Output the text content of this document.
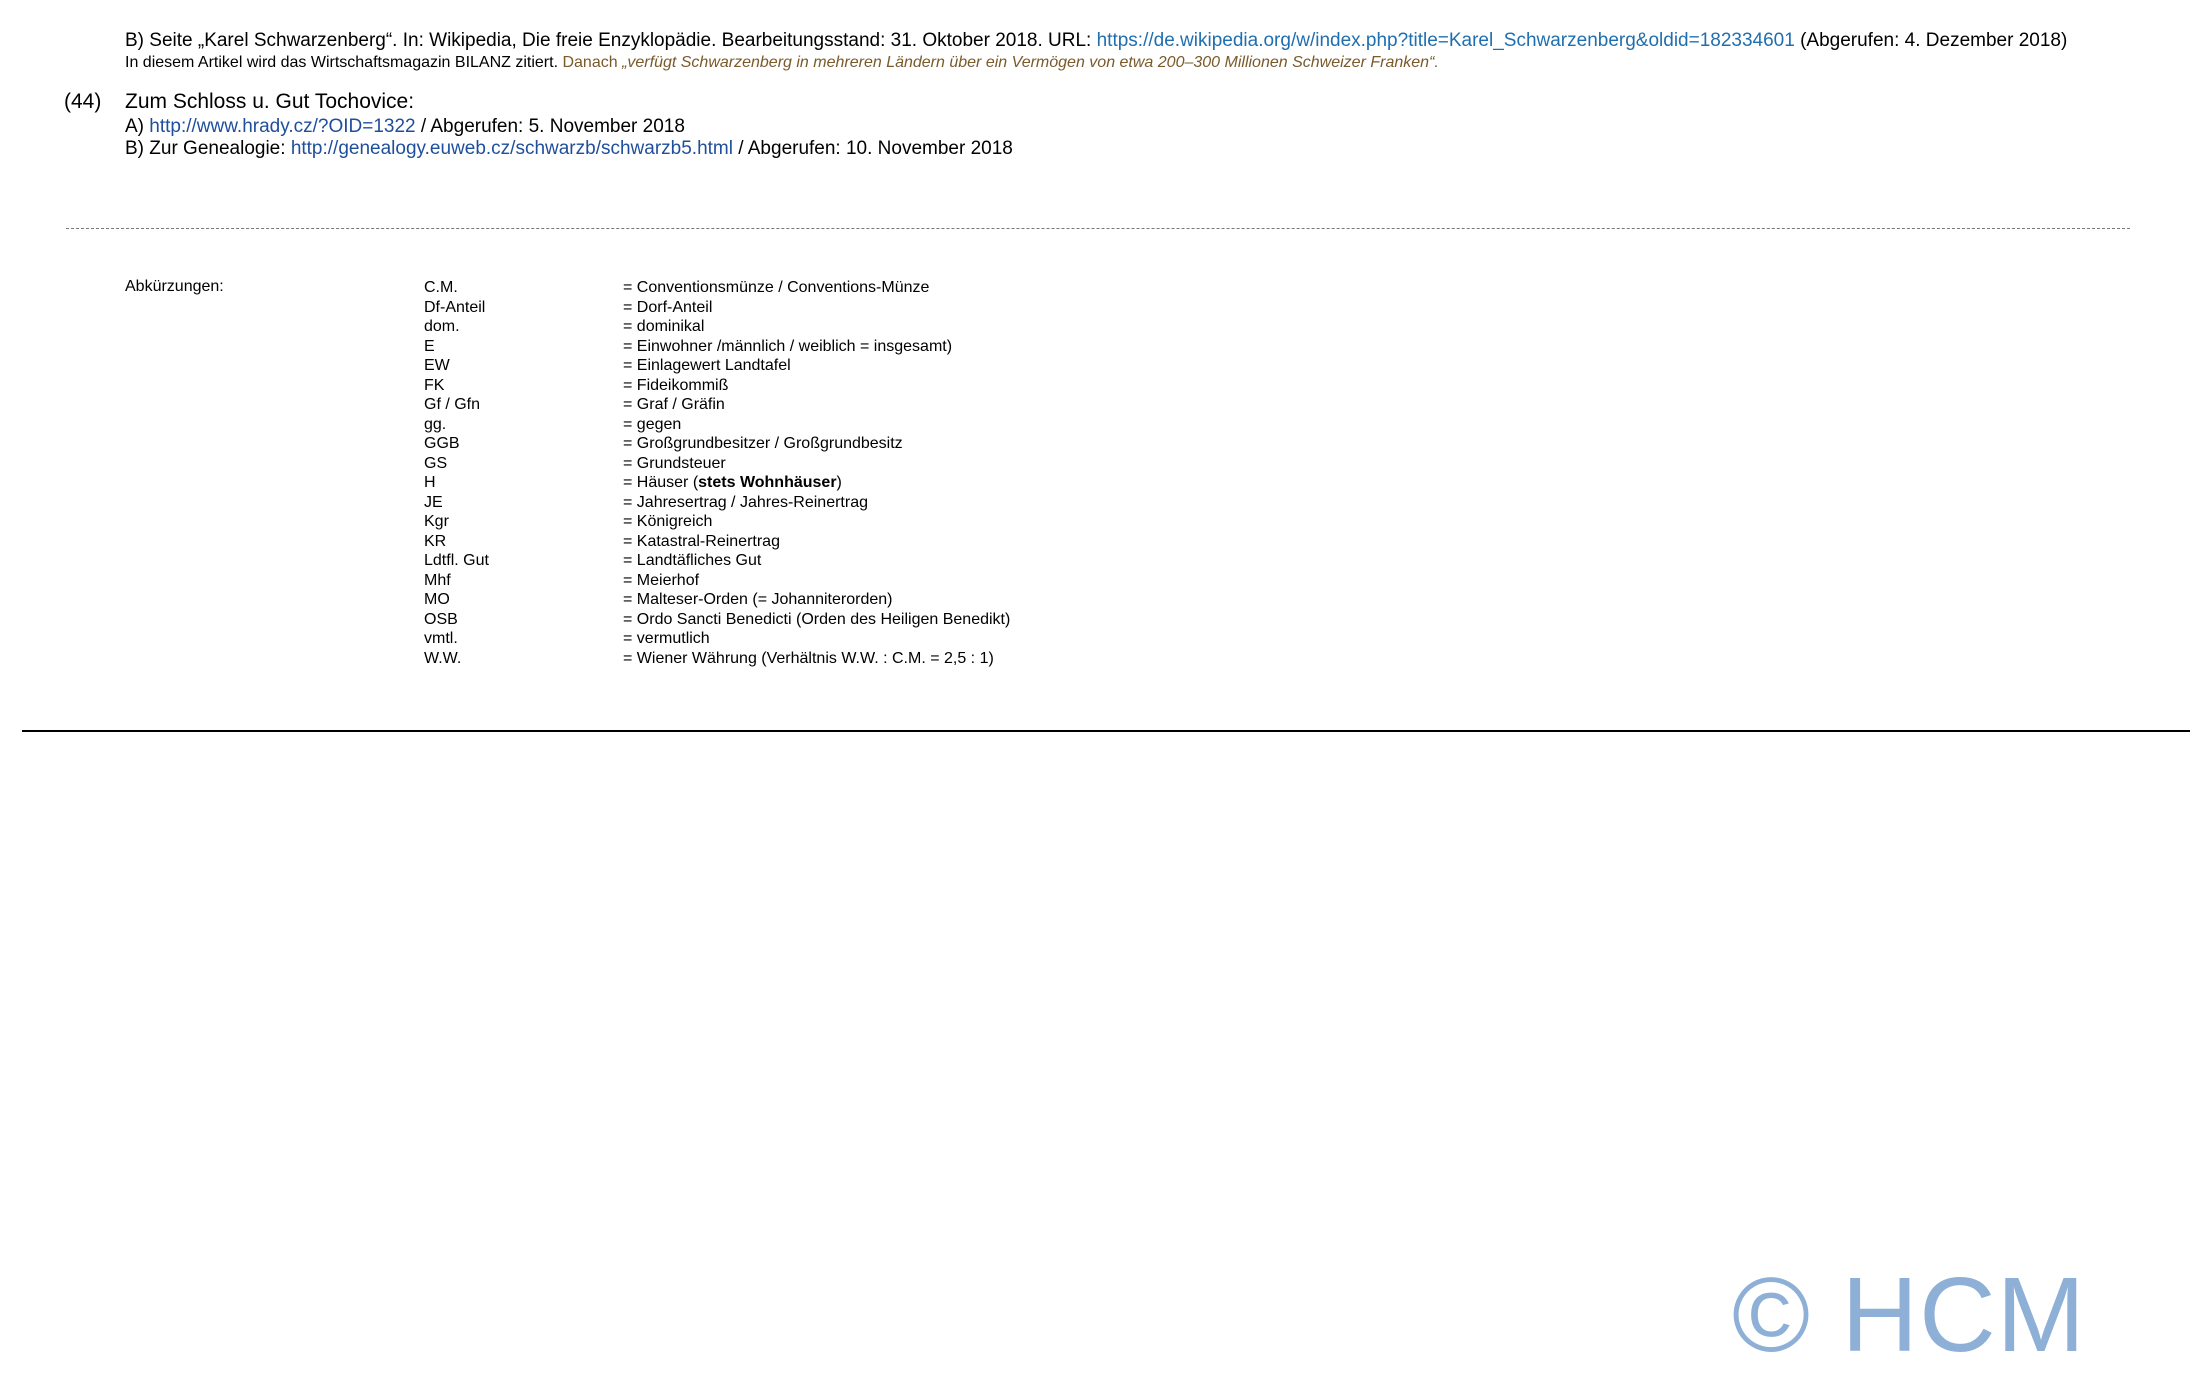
B) Seite „Karel Schwarzenberg“. In: Wikipedia, Die freie Enzyklopädie. Bearbeitungsstand: 31. Oktober 2018. URL: https://de.wikipedia.org/w/index.php?title=Karel_Schwarzenberg&oldid=182334601 (Abgerufen: 4. Dezember 2018)
In diesem Artikel wird das Wirtschaftsmagazin BILANZ zitiert. Danach „verfügt Schwarzenberg in mehreren Ländern über ein Vermögen von etwa 200–300 Millionen Schweizer Franken“.
(44) Zum Schloss u. Gut Tochovice:
A) http://www.hrady.cz/?OID=1322 / Abgerufen: 5. November 2018
B) Zur Genealogie: http://genealogy.euweb.cz/schwarzb/schwarzb5.html / Abgerufen: 10. November 2018
Abkürzungen:	C.M.	= Conventionsmünze / Conventions-Münze
Df-Anteil	= Dorf-Anteil
dom.	= dominikal
E	= Einwohner /männlich / weiblich = insgesamt)
EW	= Einlagewert Landtafel
FK	= Fideikommiß
Gf / Gfn	= Graf / Gräfin
gg.	= gegen
GGB	= Großgrundbesitzer / Großgrundbesitz
GS	= Grundsteuer
H	= Häuser (stets Wohnhäuser)
JE	= Jahresertrag / Jahres-Reinertrag
Kgr	= Königreich
KR	= Katastral-Reinertrag
Ldtfl. Gut	= Landtäfliches Gut
Mhf	= Meierhof
MO	= Malteser-Orden (= Johanniterorden)
OSB	= Ordo Sancti Benedicti (Orden des Heiligen Benedikt)
vmtl.	= vermutlich
W.W.	= Wiener Währung (Verhältnis W.W. : C.M. = 2,5 : 1)
© HCM
